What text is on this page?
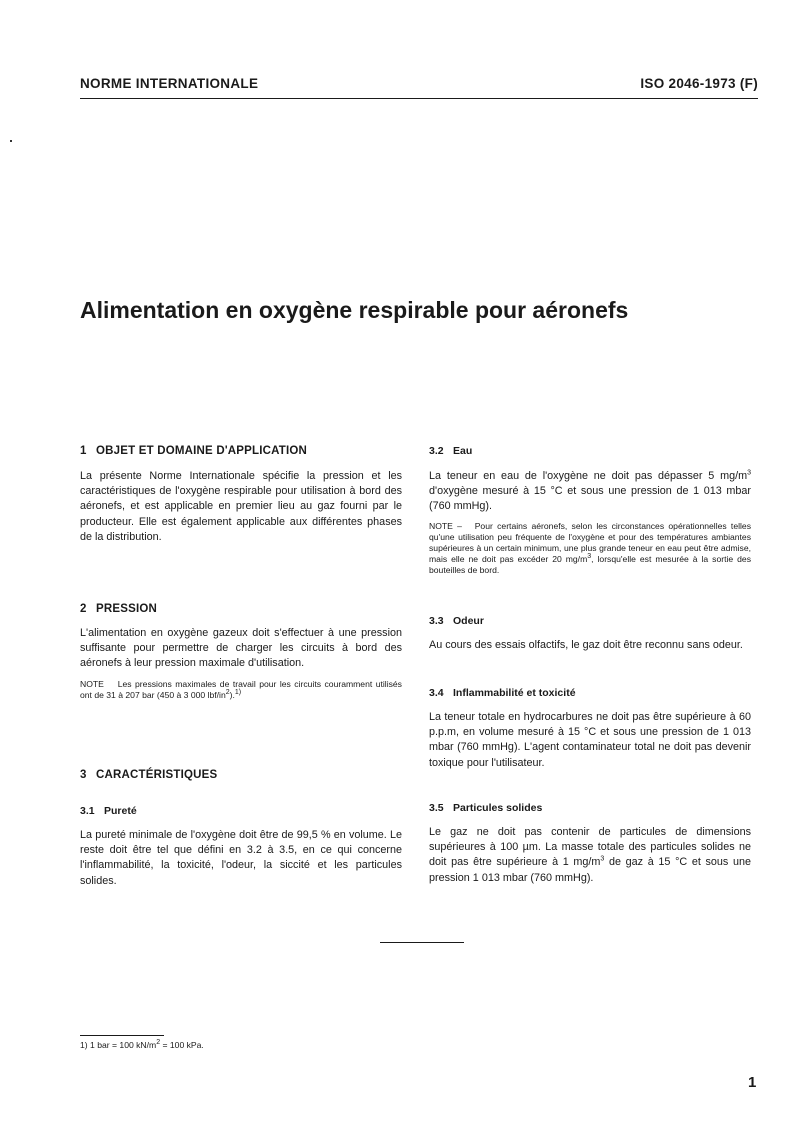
NORME INTERNATIONALE	ISO 2046-1973 (F)
Alimentation en oxygène respirable pour aéronefs
1 OBJET ET DOMAINE D'APPLICATION

La présente Norme Internationale spécifie la pression et les caractéristiques de l'oxygène respirable pour utilisation à bord des aéronefs, et est applicable en premier lieu au gaz fourni par le producteur. Elle est également applicable aux différentes phases de la distribution.

2 PRESSION

L'alimentation en oxygène gazeux doit s'effectuer à une pression suffisante pour permettre de charger les circuits à bord des aéronefs à leur pression maximale d'utilisation.

NOTE Les pressions maximales de travail pour les circuits couramment utilisés ont de 31 à 207 bar (450 à 3 000 lbf/$in^2).^{1)}$

3 CARACTÉRISTIQUES
3.1 Pureté

La pureté minimale de l'oxygène doit être de 99,5 % en volume. Le reste doit être tel que défini en 3.2 à 3.5, en ce qui concerne l'inflammabilité, la toxicité, l'odeur, la siccité et les particules solides.

3.2 Eau

La teneur en eau de l'oxygène ne doit pas dépasser 5 $mg/m^3$ d'oxygène mesuré à 15 °C et sous une pression de 1 013 mbar (760 mmHg).

NOTE – Pour certains aéronefs, selon les circonstances opérationnelles telles qu'une utilisation peu fréquente de l'oxygène et pour des températures ambiantes supérieures à un certain minimum, une plus grande teneur en eau peut être admise, mais elle ne doit pas excéder 20 $mg/m^3$, lorsqu'elle est mesurée à la sortie des bouteilles de bord.

3.3 Odeur

Au cours des essais olfactifs, le gaz doit être reconnu sans odeur.

3.4 Inflammabilité et toxicité

La teneur totale en hydrocarbures ne doit pas être supérieure à 60 p.p.m, en volume mesuré à 15 °C et sous une pression de 1 013 mbar (760 mmHg). L'agent contaminateur total ne doit pas devenir toxique pour l'utilisateur.

3.5 Particules solides

Le gaz ne doit pas contenir de particules de dimensions supérieures à 100 µm. La masse totale des particules solides ne doit pas être supérieure à 1 $mg/m^3$ de gaz à 15 °C et sous une pression 1 013 mbar (760 mmHg).

1) 1 bar = 100 $kN/m^2 = 100$ kPa.
1
